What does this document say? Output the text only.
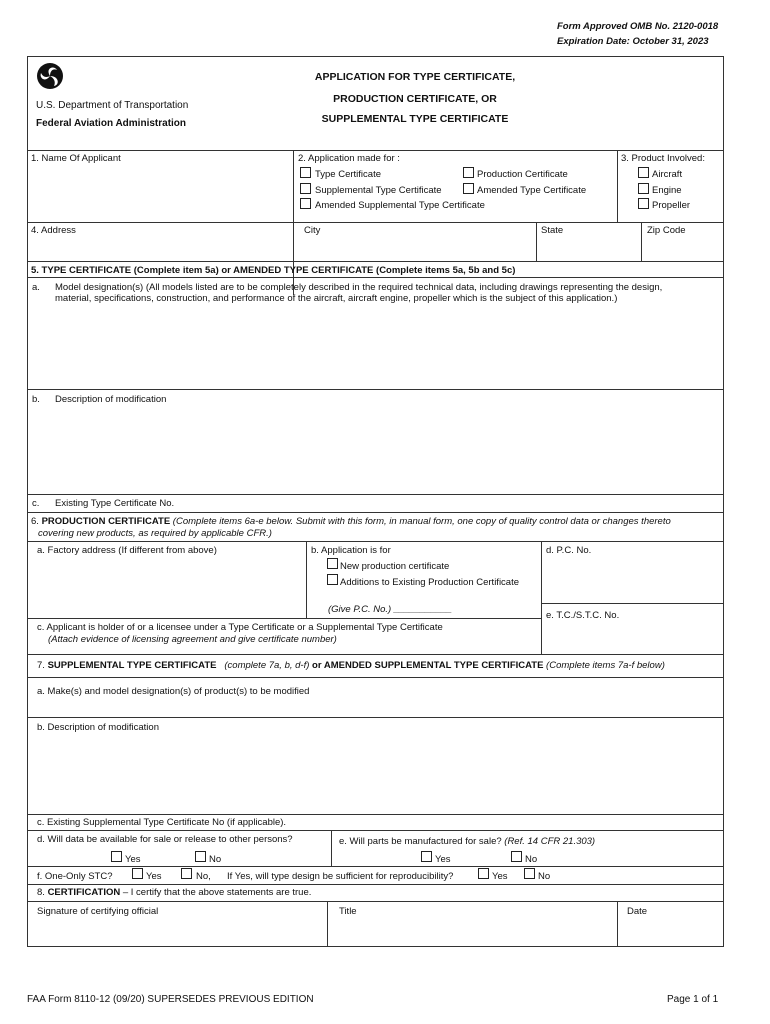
Form Approved OMB No. 2120-0018
Expiration Date: October 31, 2023
U.S. Department of Transportation
Federal Aviation Administration
APPLICATION FOR TYPE CERTIFICATE,
PRODUCTION CERTIFICATE, OR
SUPPLEMENTAL TYPE CERTIFICATE
1. Name Of Applicant	2. Application made for :
Type Certificate
Supplemental Type Certificate
Amended Supplemental Type Certificate
Production Certificate
Amended Type Certificate
3. Product Involved:
Aircraft
Engine
Propeller
4. Address	City	State	Zip Code
5. TYPE CERTIFICATE (Complete item 5a) or AMENDED TYPE CERTIFICATE (Complete items 5a, 5b and 5c)
a. Model designation(s) (All models listed are to be completely described in the required technical data, including drawings representing the design,
material, specifications, construction, and performance of the aircraft, aircraft engine, propeller which is the subject of this application.)
b. Description of modification
c. Existing Type Certificate No.
6. PRODUCTION CERTIFICATE (Complete items 6a-e below. Submit with this form, in manual form, one copy of quality control data or changes thereto
covering new products, as required by applicable CFR.)
a. Factory address (If different from above)	b. Application is for
New production certificate
Additions to Existing Production Certificate
(Give P.C. No.) ___________
d. P.C. No.
e. T.C./S.T.C. No.
c. Applicant is holder of or a licensee under a Type Certificate or a Supplemental Type Certificate
(Attach evidence of licensing agreement and give certificate number)
7. SUPPLEMENTAL TYPE CERTIFICATE (complete 7a, b, d-f) or AMENDED SUPPLEMENTAL TYPE CERTIFICATE (Complete items 7a-f below)
a. Make(s) and model designation(s) of product(s) to be modified
b. Description of modification
c. Existing Supplemental Type Certificate No (if applicable).
d. Will data be available for sale or release to other persons?
Yes	No
e. Will parts be manufactured for sale? (Ref. 14 CFR 21.303)
Yes	No
f. One-Only STC?	Yes	No, If Yes, will type design be sufficient for reproducibility?	Yes	No
8. CERTIFICATION – I certify that the above statements are true.
Signature of certifying official	Title	Date
FAA Form 8110-12 (09/20) SUPERSEDES PREVIOUS EDITION	Page 1 of 1
